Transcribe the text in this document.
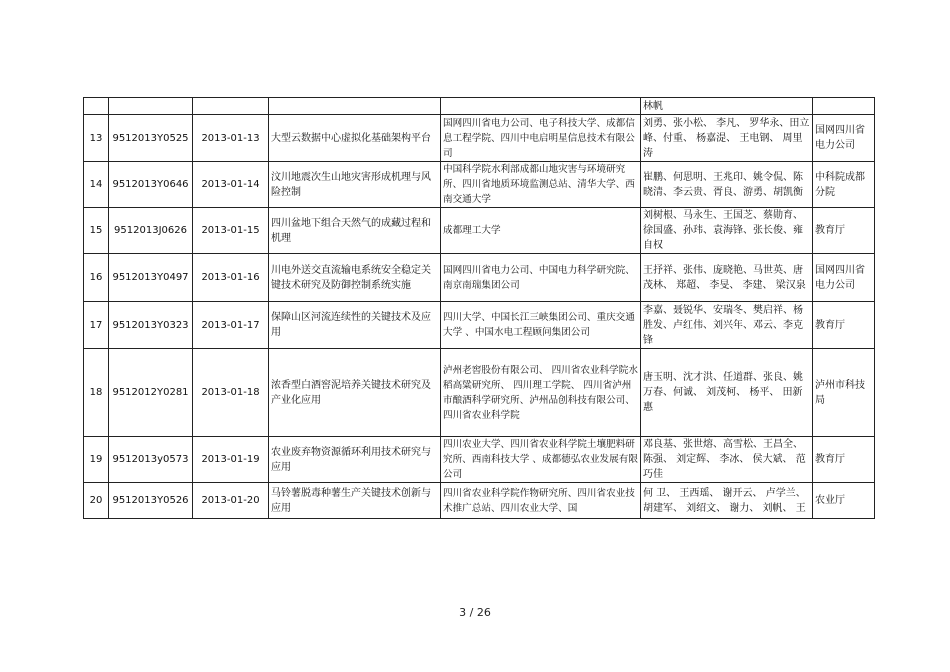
					林帆	
13	9512013Y0525	2013-01-13	大型云数据中心虚拟化基础架构平台	国网四川省电力公司、电子科技大学、成都信息工程学院、四川中电启明星信息技术有限公司	刘勇、张小松、 李凡、 罗华永、田立峰、付重、 杨嘉湜、 王电钢、 周里涛	国网四川省电力公司
14	9512013Y0646	2013-01-14	汶川地震次生山地灾害形成机理与风险控制	中国科学院水利部成都山地灾害与环境研究所、四川省地质环境监测总站、清华大学、西南交通大学	崔鹏、何思明、王兆印、姚令侃、陈晓清、李云贵、胥良、游勇、胡凯衡	中科院成都分院
15	9512013J0626	2013-01-15	四川盆地下组合天然气的成藏过程和机理	成都理工大学	刘树根、马永生、王国芝、蔡勋育、徐国盛、孙玮、袁海锋、张长俊、雍自权	教育厅
16	9512013Y0497	2013-01-16	川电外送交直流输电系统安全稳定关键技术研究及防御控制系统实施	国网四川省电力公司、中国电力科学研究院、南京南瑞集团公司	王抒祥、张伟、庞晓艳、马世英、唐茂林、 郑超、 李旻、 李建、 梁汉泉	国网四川省电力公司
17	9512013Y0323	2013-01-17	保障山区河流连续性的关键技术及应用	四川大学、中国长江三峡集团公司、重庆交通大学 、中国水电工程顾问集团公司	李嘉、聂锐华、安瑞冬、樊启祥、杨胜发、卢红伟、刘兴年、邓云、李克锋	教育厅
18	9512012Y0281	2013-01-18	浓香型白酒窖泥培养关键技术研究及产业化应用	泸州老窖股份有限公司、 四川省农业科学院水稻高粱研究所、 四川理工学院、 四川省泸州市酿酒科学研究所、泸州品创科技有限公司、四川省农业科学院	唐玉明、沈才洪、任道群、张良、姚万春、何诚、 刘茂柯、 杨平、 田新惠	泸州市科技局
19	9512013y0573	2013-01-19	农业废弃物资源循环利用技术研究与应用	四川农业大学、四川省农业科学院土壤肥料研究所、西南科技大学 、成都德弘农业发展有限公司	邓良基、张世熔、高雪松、王昌全、陈强、 刘定辉、 李冰、 侯大斌、 范巧佳	教育厅
20	9512013Y0526	2013-01-20	马铃薯脱毒种薯生产关键技术创新与应用	四川省农业科学院作物研究所、四川省农业技术推广总站、四川农业大学、国	何 卫、 王西瑶、 谢开云、 卢学兰、胡建军、 刘绍文、 谢力、 刘帆、 王	农业厅
3 / 26
